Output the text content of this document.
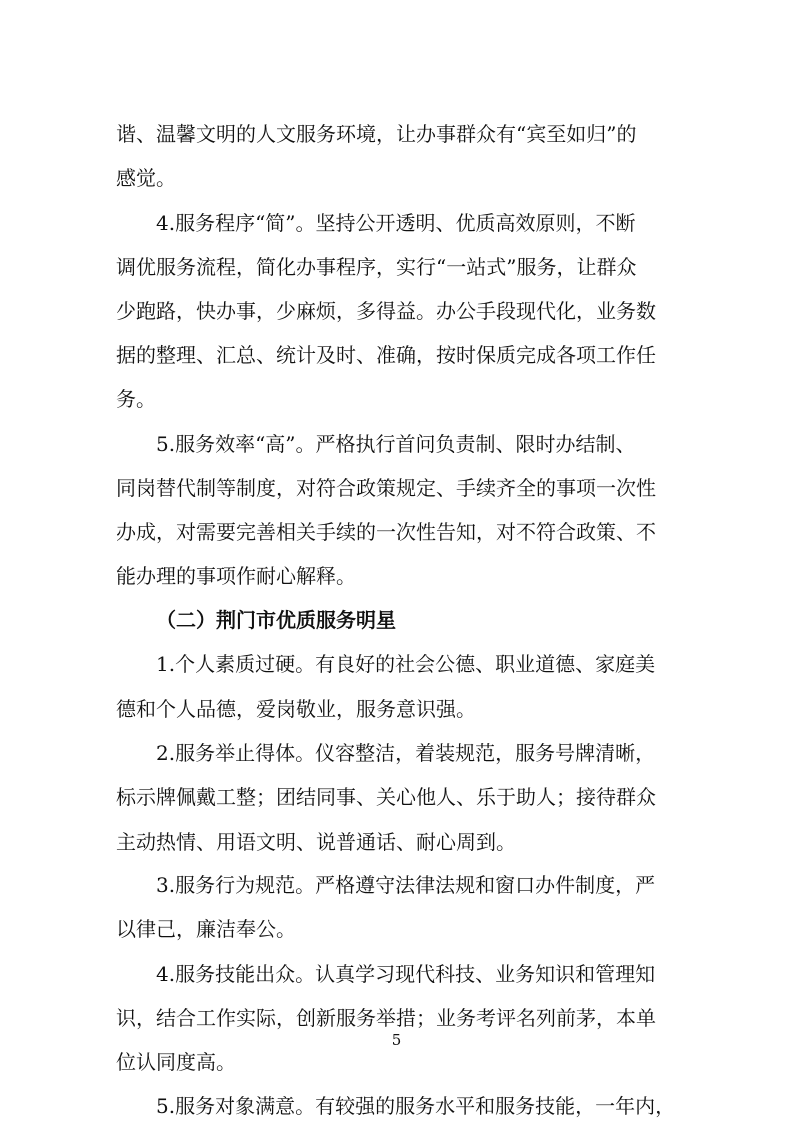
谐、温馨文明的人文服务环境，让办事群众有“宾至如归”的
感觉。
4.服务程序“简”。坚持公开透明、优质高效原则，不断
调优服务流程，简化办事程序，实行“一站式”服务，让群众
少跑路，快办事，少麻烦，多得益。办公手段现代化，业务数
据的整理、汇总、统计及时、准确，按时保质完成各项工作任
务。
5.服务效率“高”。严格执行首问负责制、限时办结制、
同岗替代制等制度，对符合政策规定、手续齐全的事项一次性
办成，对需要完善相关手续的一次性告知，对不符合政策、不
能办理的事项作耐心解释。
（二）荆门市优质服务明星
1.个人素质过硬。有良好的社会公德、职业道德、家庭美
德和个人品德，爱岗敬业，服务意识强。
2.服务举止得体。仪容整洁，着装规范，服务号牌清晰，
标示牌佩戴工整；团结同事、关心他人、乐于助人；接待群众
主动热情、用语文明、说普通话、耐心周到。
3.服务行为规范。严格遵守法律法规和窗口办件制度，严
以律己，廉洁奉公。
4.服务技能出众。认真学习现代科技、业务知识和管理知
识，结合工作实际，创新服务举措；业务考评名列前茅，本单
位认同度高。
5.服务对象满意。有较强的服务水平和服务技能，一年内，
5
